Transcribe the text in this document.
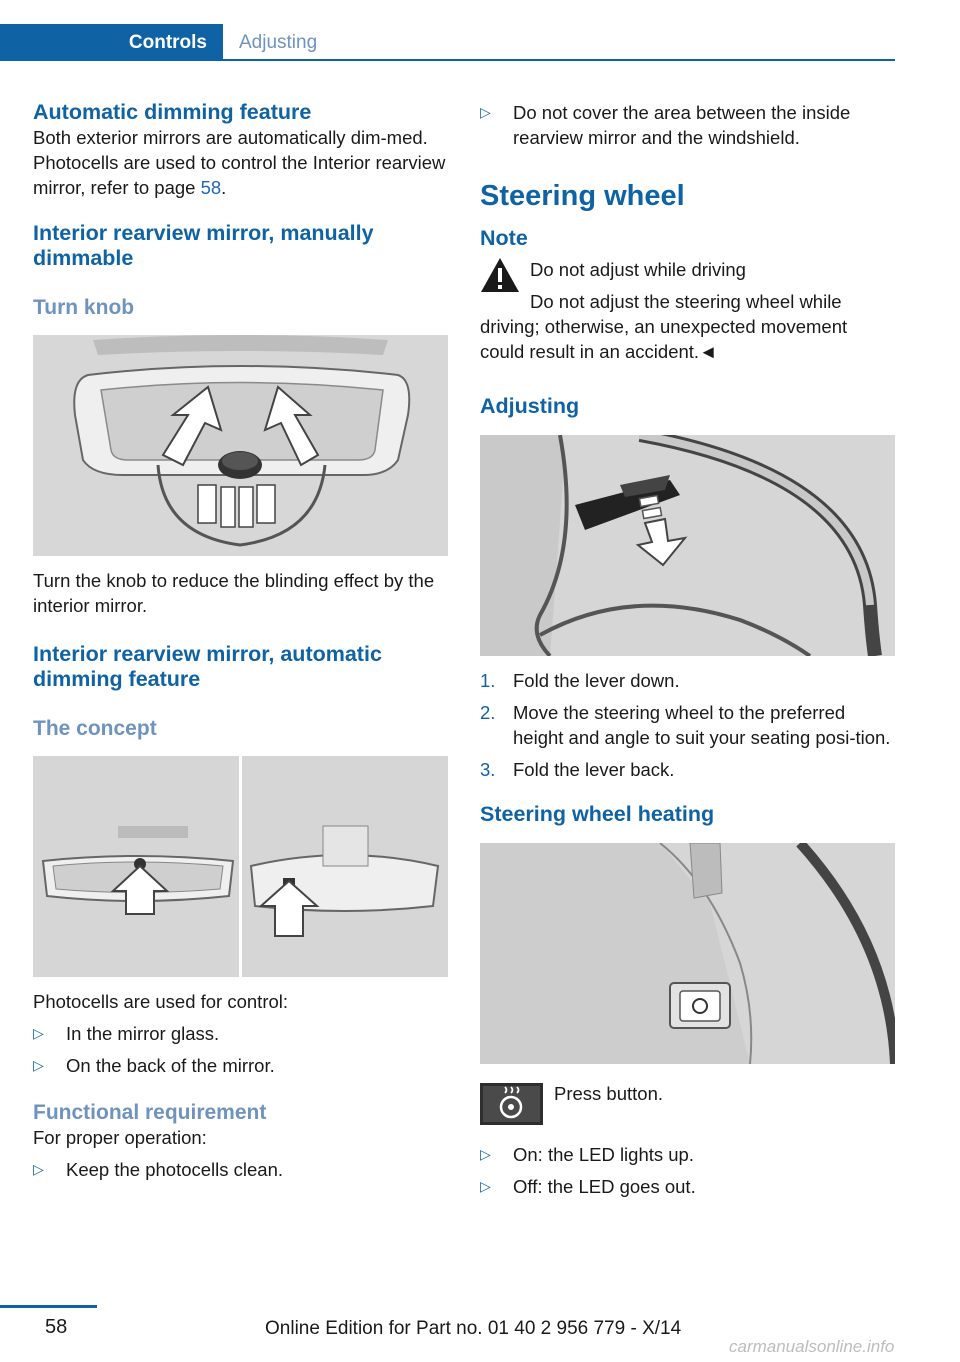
Controls	Adjusting
Automatic dimming feature

Both exterior mirrors are automatically dim-med. Photocells are used to control the Interior rearview mirror, refer to page 58.

Interior rearview mirror, manually dimmable
Turn knob

Turn the knob to reduce the blinding effect by the interior mirror.

Interior rearview mirror, automatic dimming feature
The concept

Photocells are used for control:

▷ In the mirror glass.
▷ On the back of the mirror.
Functional requirement

For proper operation:

▷ Keep the photocells clean.
▷ Do not cover the area between the inside rearview mirror and the windshield.
Steering wheel
Note

Do not adjust while driving

Do not adjust the steering wheel while driving; otherwise, an unexpected movement could result in an accident.◄

Adjusting
1. Fold the lever down.
2. Move the steering wheel to the preferred height and angle to suit your seating posi-tion.
3. Fold the lever back.
Steering wheel heating

Press button.

▷ On: the LED lights up.
▷ Off: the LED goes out.
58	Online Edition for Part no. 01 40 2 956 779 - X/14
carmanualsonline.info
